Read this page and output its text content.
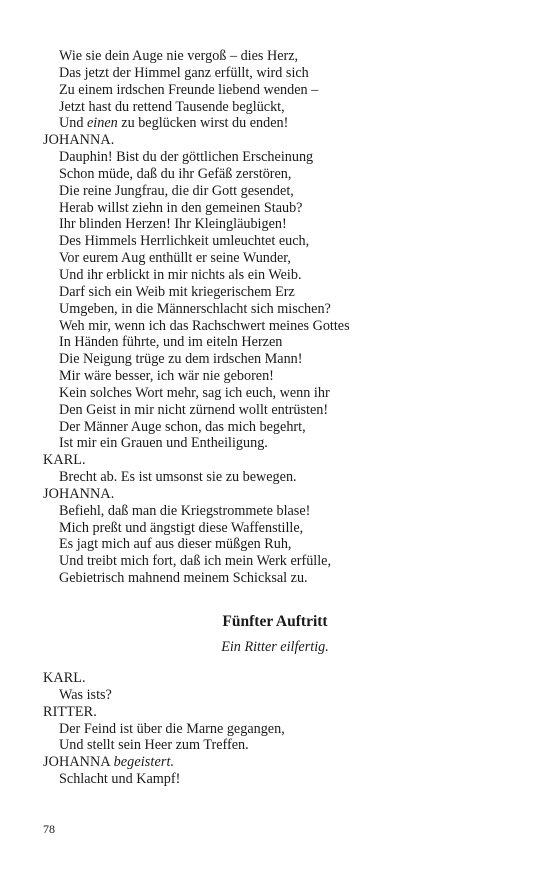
Wie sie dein Auge nie vergoß – dies Herz,
Das jetzt der Himmel ganz erfüllt, wird sich
Zu einem irdschen Freunde liebend wenden –
Jetzt hast du rettend Tausende beglückt,
Und einen zu beglücken wirst du enden!
JOHANNA.
Dauphin! Bist du der göttlichen Erscheinung
Schon müde, daß du ihr Gefäß zerstören,
Die reine Jungfrau, die dir Gott gesendet,
Herab willst ziehn in den gemeinen Staub?
Ihr blinden Herzen! Ihr Kleingläubigen!
Des Himmels Herrlichkeit umleuchtet euch,
Vor eurem Aug enthüllt er seine Wunder,
Und ihr erblickt in mir nichts als ein Weib.
Darf sich ein Weib mit kriegerischem Erz
Umgeben, in die Männerschlacht sich mischen?
Weh mir, wenn ich das Rachschwert meines Gottes
In Händen führte, und im eiteln Herzen
Die Neigung trüge zu dem irdschen Mann!
Mir wäre besser, ich wär nie geboren!
Kein solches Wort mehr, sag ich euch, wenn ihr
Den Geist in mir nicht zürnend wollt entrüsten!
Der Männer Auge schon, das mich begehrt,
Ist mir ein Grauen und Entheiligung.
KARL.
Brecht ab. Es ist umsonst sie zu bewegen.
JOHANNA.
Befiehl, daß man die Kriegstrommete blase!
Mich preßt und ängstigt diese Waffenstille,
Es jagt mich auf aus dieser müßgen Ruh,
Und treibt mich fort, daß ich mein Werk erfülle,
Gebietrisch mahnend meinem Schicksal zu.
Fünfter Auftritt
Ein Ritter eilfertig.
KARL.
Was ists?
RITTER.
Der Feind ist über die Marne gegangen,
Und stellt sein Heer zum Treffen.
JOHANNA begeistert.
Schlacht und Kampf!
78
